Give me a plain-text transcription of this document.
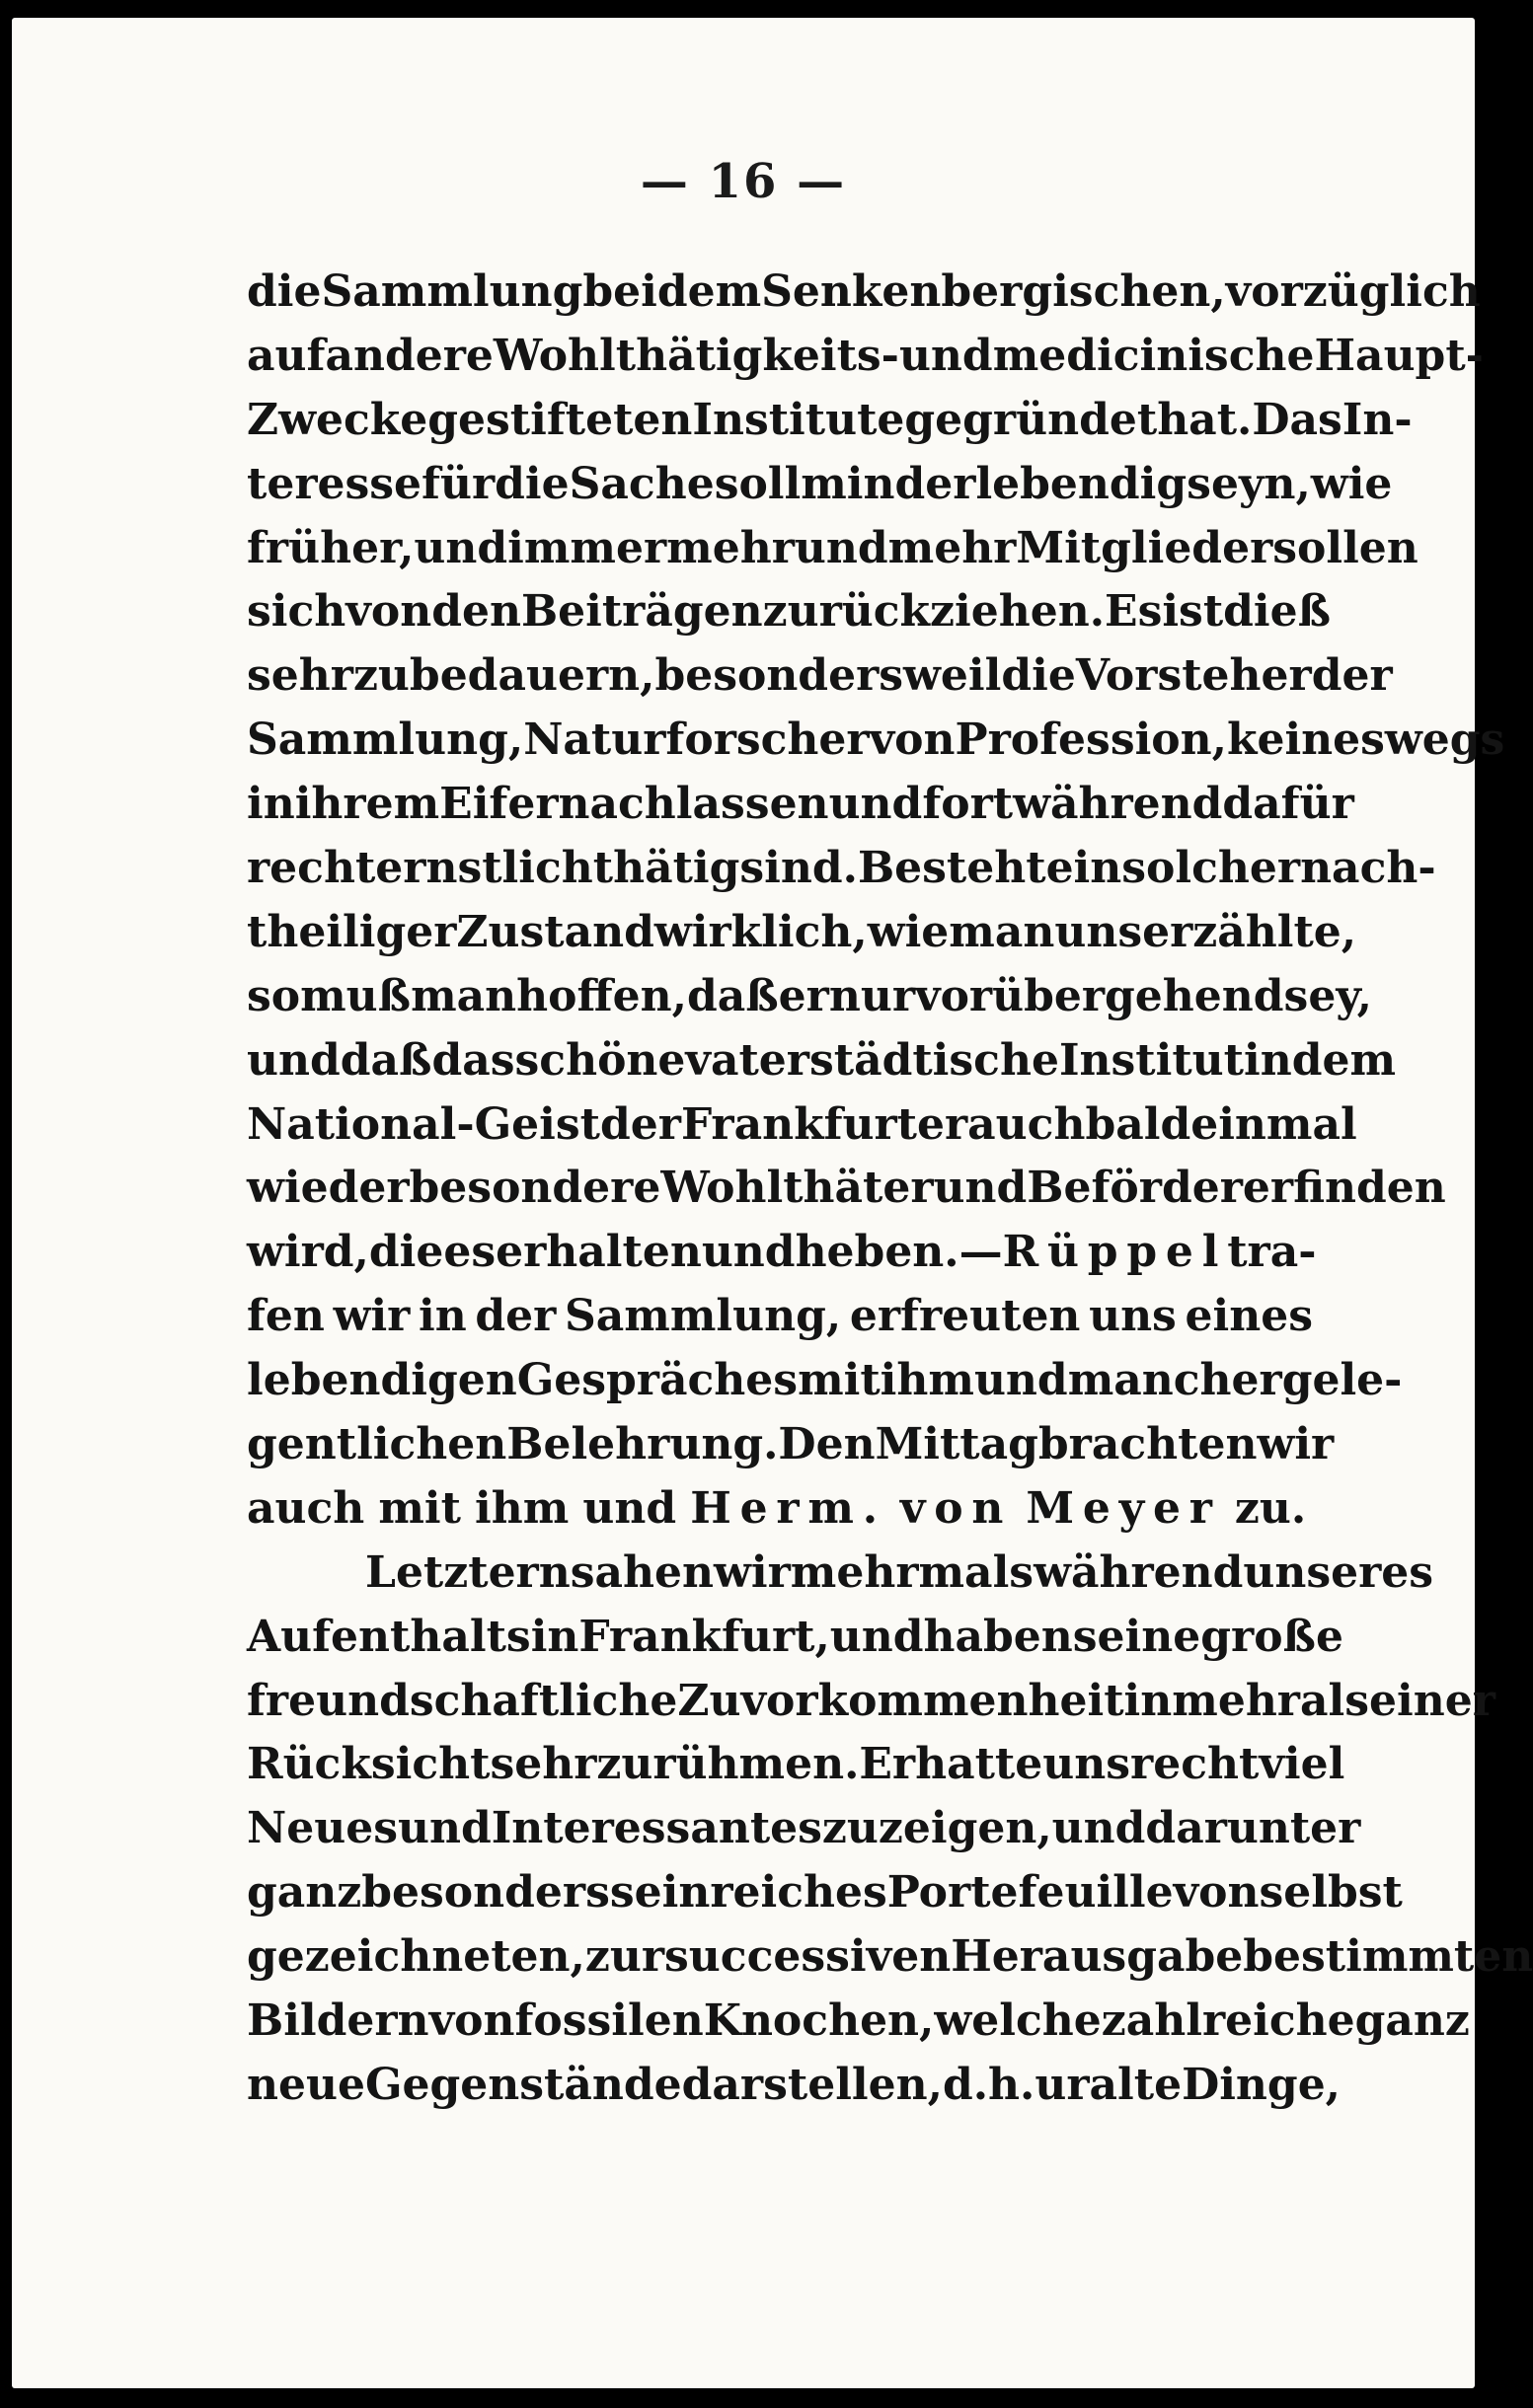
— 16 —
die Sammlung bei dem Senkenbergischen, vorzüglich
auf andere Wohlthätigkeits- und medicinische Haupt-
Zwecke gestifteten Institute gegründet hat. Das In-
teresse für die Sache soll minder lebendig seyn, wie
früher, und immer mehr und mehr Mitglieder sollen
sich von den Beiträgen zurückziehen. Es ist dieß
sehr zu bedauern, besonders weil die Vorsteher der
Sammlung, Naturforscher von Profession, keineswegs
in ihrem Eifer nachlassen und fortwährend dafür
recht ernstlich thätig sind. Besteht ein solcher nach-
theiliger Zustand wirklich, wie man uns erzählte,
so muß man hoffen, daß er nur vorübergehend sey,
und daß das schöne vaterstädtische Institut in dem
National-Geist der Frankfurter auch bald einmal
wieder besondere Wohlthäter und Beförderer finden
wird, die es erhalten und heben. — Rüppel tra-
fen wir in der Sammlung, erfreuten uns eines
lebendigen Gespräches mit ihm und mancher gele-
gentlichen Belehrung. Den Mittag brachten wir
auch mit ihm und Herm. von Meyer zu.
Letztern sahen wir mehrmals während unseres
Aufenthalts in Frankfurt, und haben seine große
freundschaftliche Zuvorkommenheit in mehr als einer
Rücksicht sehr zu rühmen. Er hatte uns recht viel
Neues und Interessantes zu zeigen, und darunter
ganz besonders sein reiches Portefeuille von selbst
gezeichneten, zur successiven Herausgabe bestimmten
Bildern von fossilen Knochen, welche zahlreiche ganz
neue Gegenstände darstellen, d. h. uralte Dinge,
